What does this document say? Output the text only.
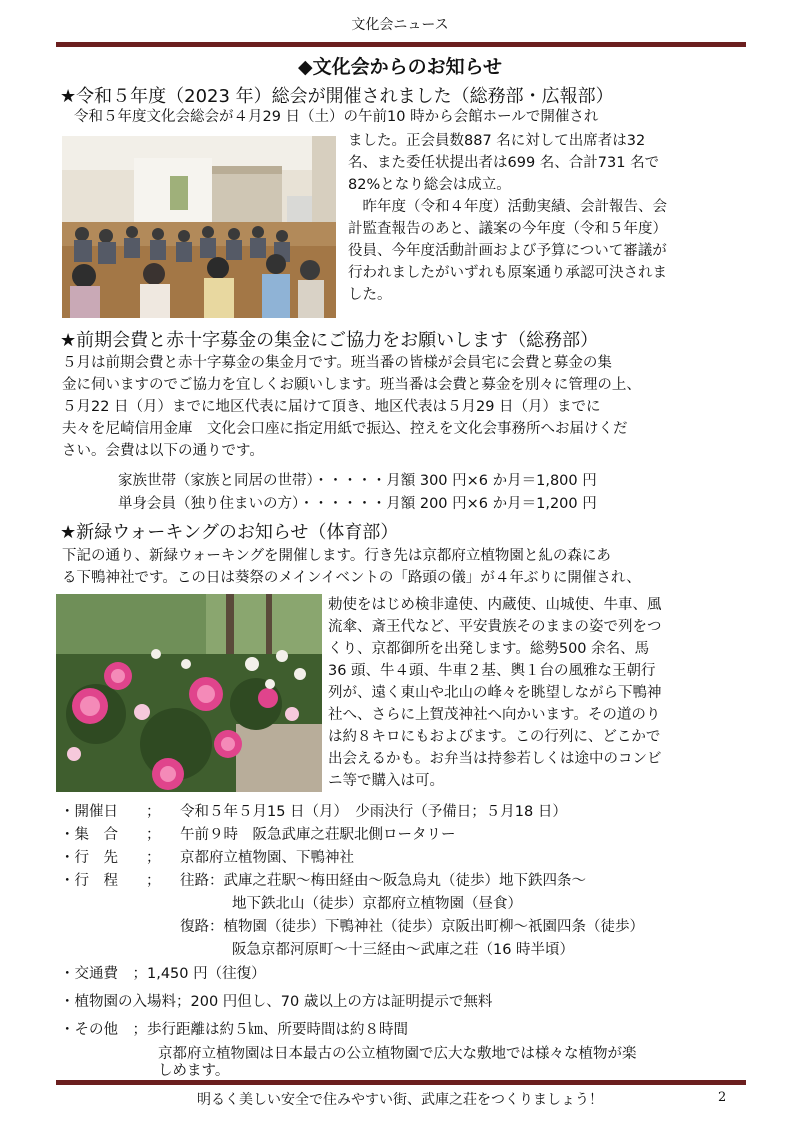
文化会ニュース
◆文化会からのお知らせ
★令和５年度（2023 年）総会が開催されました（総務部・広報部）
令和５年度文化会総会が４月29 日（土）の午前10 時から会館ホールで開催され

ました。正会員数887 名に対して出席者は32

名、また委任状提出者は699 名、合計731 名で

82%となり総会は成立。

　昨年度（令和４年度）活動実績、会計報告、会

計監査報告のあと、議案の今年度（令和５年度）

役員、今年度活動計画および予算について審議が

行われましたがいずれも原案通り承認可決されま

した。

★前期会費と赤十字募金の集金にご協力をお願いします（総務部）

５月は前期会費と赤十字募金の集金月です。班当番の皆様が会員宅に会費と募金の集

金に伺いますのでご協力を宜しくお願いします。班当番は会費と募金を別々に管理の上、

５月22 日（月）までに地区代表に届けて頂き、地区代表は５月29 日（月）までに

夫々を尼崎信用金庫　文化会口座に指定用紙で振込、控えを文化会事務所へお届けくだ

さい。会費は以下の通りです。

家族世帯（家族と同居の世帯）・・・・・月額 300 円×6 か月＝1,800 円
単身会員（独り住まいの方）・・・・・・月額 200 円×6 か月＝1,200 円
★新緑ウォーキングのお知らせ（体育部）

下記の通り、新緑ウォーキングを開催します。行き先は京都府立植物園と糺の森にあ

る下鴨神社です。この日は葵祭のメインイベントの「路頭の儀」が４年ぶりに開催され、

勅使をはじめ検非違使、内蔵使、山城使、牛車、風

流傘、斎王代など、平安貴族そのままの姿で列をつ

くり、京都御所を出発します。総勢500 余名、馬

36 頭、牛４頭、牛車２基、輿１台の風雅な王朝行

列が、遠く東山や北山の峰々を眺望しながら下鴨神

社へ、さらに上賀茂神社へ向かいます。その道のり

は約８キロにもおよびます。この行列に、どこかで

出会えるかも。お弁当は持参若しくは途中のコンビ

ニ等で購入は可。

・開催日 ； 令和５年５月15 日（月）　少雨決行（予備日；５月18 日）
・集　合 ； 午前９時　阪急武庫之荘駅北側ロータリー
・行　先 ； 京都府立植物園、下鴨神社
・行　程 ； 往路：武庫之荘駅～梅田経由～阪急烏丸（徒歩）地下鉄四条～
地下鉄北山（徒歩）京都府立植物園（昼食）
復路：植物園（徒歩）下鴨神社（徒歩）京阪出町柳～祇園四条（徒歩）
阪急京都河原町～十三経由～武庫之荘（16 時半頃）
・交通費　；1,450 円（往復）
・植物園の入場料；200 円但し、70 歳以上の方は証明提示で無料
・その他　；歩行距離は約５㎞、所要時間は約８時間
京都府立植物園は日本最古の公立植物園で広大な敷地では様々な植物が楽
しめます。
明るく美しい安全で住みやすい街、武庫之荘をつくりましょう！	2
